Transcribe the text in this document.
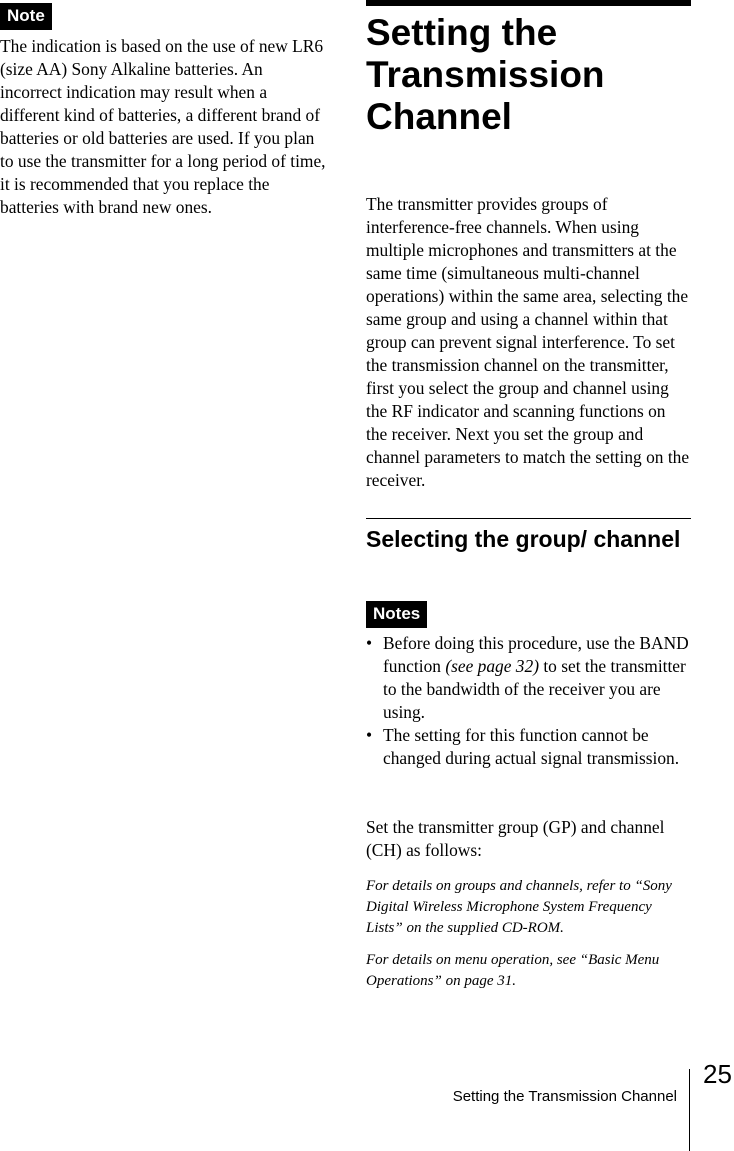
Note

The indication is based on the use of new LR6 (size AA) Sony Alkaline batteries. An incorrect indication may result when a different kind of batteries, a different brand of batteries or old batteries are used. If you plan to use the transmitter for a long period of time, it is recommended that you replace the batteries with brand new ones.

Setting the Transmission Channel

The transmitter provides groups of interference-free channels. When using multiple microphones and transmitters at the same time (simultaneous multi-channel operations) within the same area, selecting the same group and using a channel within that group can prevent signal interference. To set the transmission channel on the transmitter, first you select the group and channel using the RF indicator and scanning functions on the receiver. Next you set the group and channel parameters to match the setting on the receiver.

Selecting the group/ channel
Notes
• Before doing this procedure, use the BAND function (see page 32) to set the transmitter to the bandwidth of the receiver you are using.
• The setting for this function cannot be changed during actual signal transmission.

Set the transmitter group (GP) and channel (CH) as follows:

For details on groups and channels, refer to “Sony Digital Wireless Microphone System Frequency Lists” on the supplied CD-ROM.

For details on menu operation, see “Basic Menu Operations” on page 31.

Setting the Transmission Channel
25
